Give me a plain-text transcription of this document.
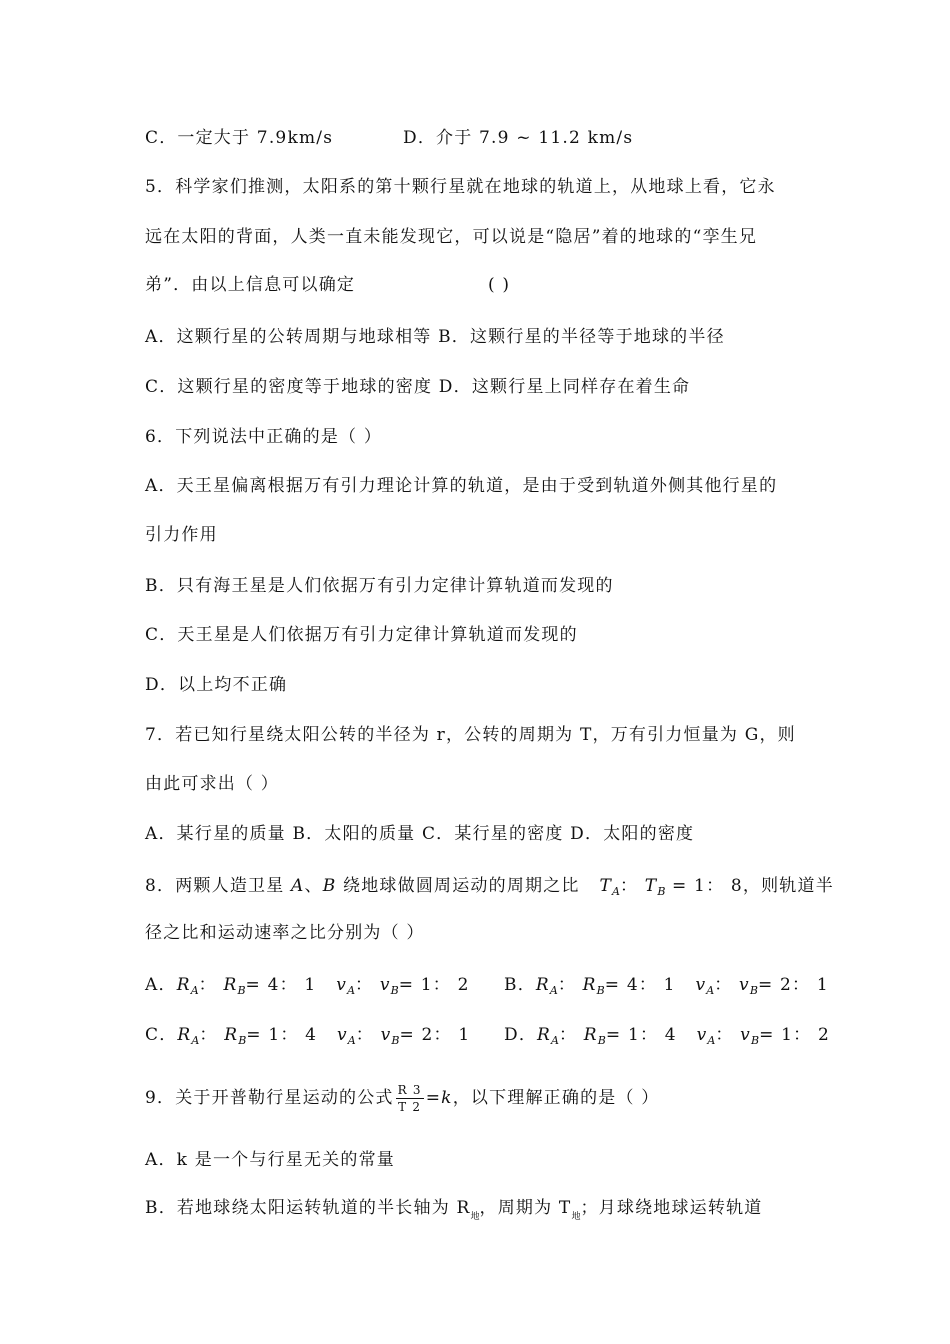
C．一定大于 7.9km/s	D．介于 7.9 ~ 11.2 km/s
5．科学家们推测，太阳系的第十颗行星就在地球的轨道上，从地球上看，它永
远在太阳的背面，人类一直未能发现它，可以说是“隐居”着的地球的“孪生兄
弟”．由以上信息可以确定	( )
A．这颗行星的公转周期与地球相等 B．这颗行星的半径等于地球的半径
C．这颗行星的密度等于地球的密度 D．这颗行星上同样存在着生命
6．下列说法中正确的是（ ）
A．天王星偏离根据万有引力理论计算的轨道，是由于受到轨道外侧其他行星的
引力作用
B．只有海王星是人们依据万有引力定律计算轨道而发现的
C．天王星是人们依据万有引力定律计算轨道而发现的
D．以上均不正确
7．若已知行星绕太阳公转的半径为 r，公转的周期为 T，万有引力恒量为 G，则
由此可求出（ ）
A．某行星的质量 B．太阳的质量 C．某行星的密度 D．太阳的密度
8．两颗人造卫星 A、B 绕地球做圆周运动的周期之比 $T_A$： $T_B = 1$： 8，则轨道半
径之比和运动速率之比分别为（ ）
A．$R_A$： $R_B= 4$： 1 $v_A$： $v_B= 1$： 2 B．$R_A$： $R_B= 4$： 1 $v_A$： $v_B= 2$： 1
C．$R_A$： $R_B= 1$： 4 $v_A$： $v_B= 2$： 1 D．$R_A$： $R_B= 1$： 4 $v_A$： $v_B= 1$： 2
9．关于开普勒行星运动的公式 $\frac{R 3}{T 2} =k$，以下理解正确的是（ ）
A．k 是一个与行星无关的常量
B．若地球绕太阳运转轨道的半长轴为 $R_地$，周期为 $T_地$；月球绕地球运转轨道
